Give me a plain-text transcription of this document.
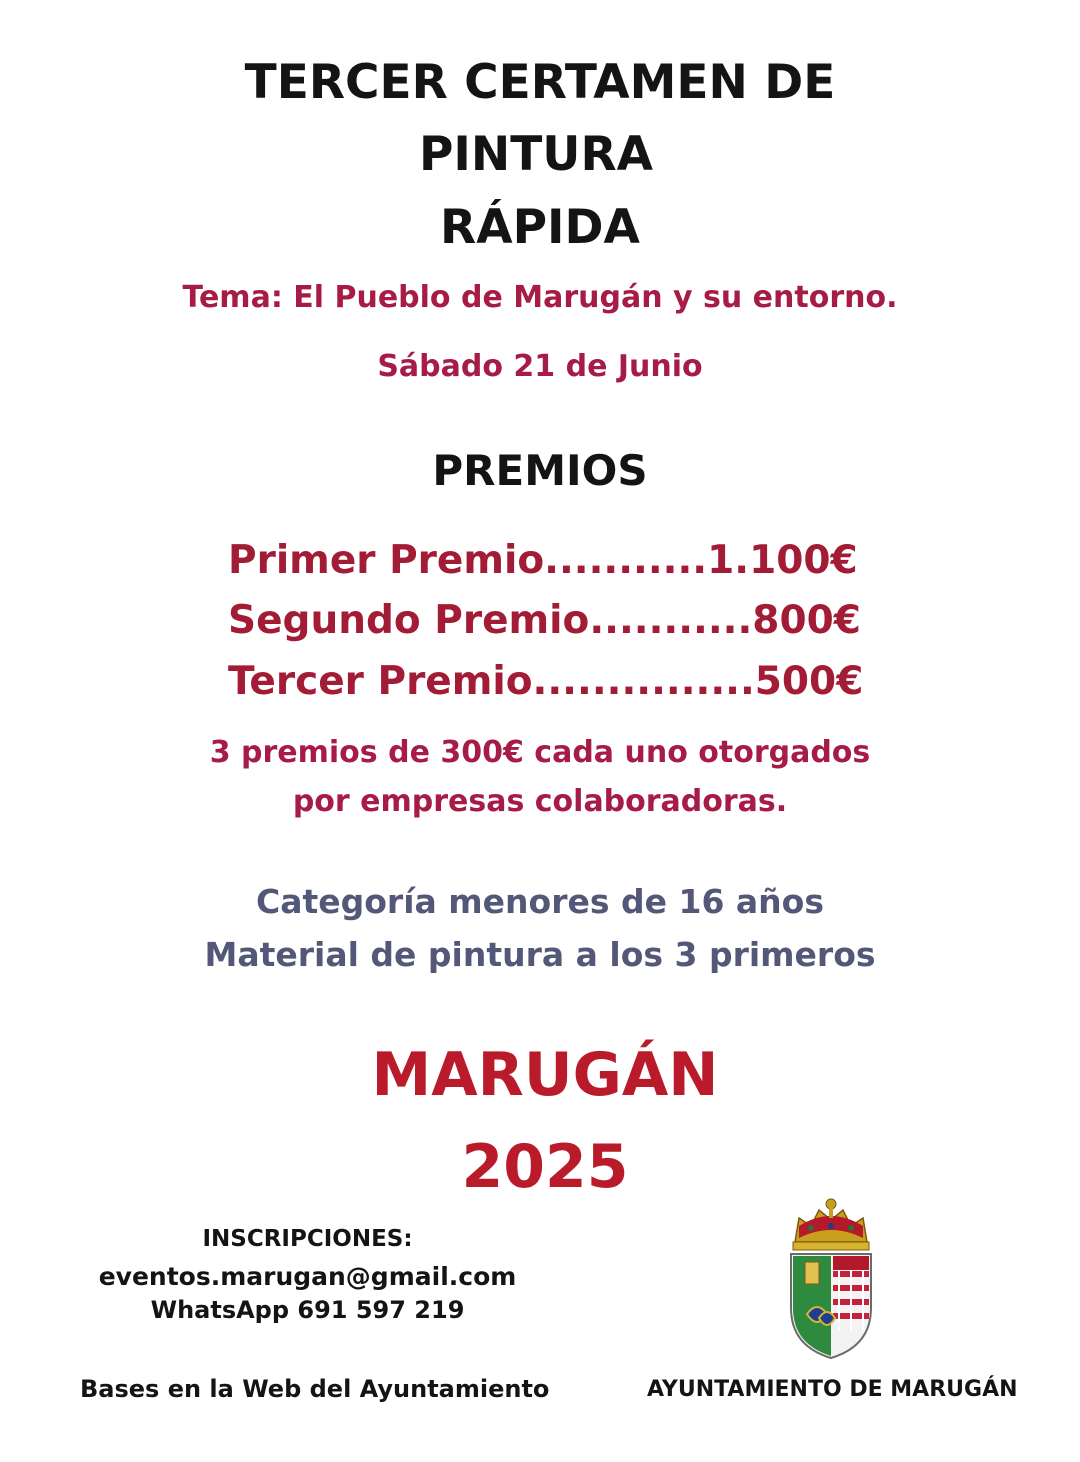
TERCER CERTAMEN DE
PINTURA
RÁPIDA
Tema: El Pueblo de Marugán y su entorno.
Sábado 21 de Junio
PREMIOS
Primer Premio...........1.100€
Segundo Premio...........800€
Tercer Premio...............500€
3 premios de 300€ cada uno otorgados
por empresas colaboradoras.
Categoría menores de 16 años
Material de pintura a los 3 primeros
MARUGÁN
2025
INSCRIPCIONES:
eventos.marugan@gmail.com
WhatsApp 691 597 219
Bases en la Web del Ayuntamiento	AYUNTAMIENTO DE MARUGÁN
